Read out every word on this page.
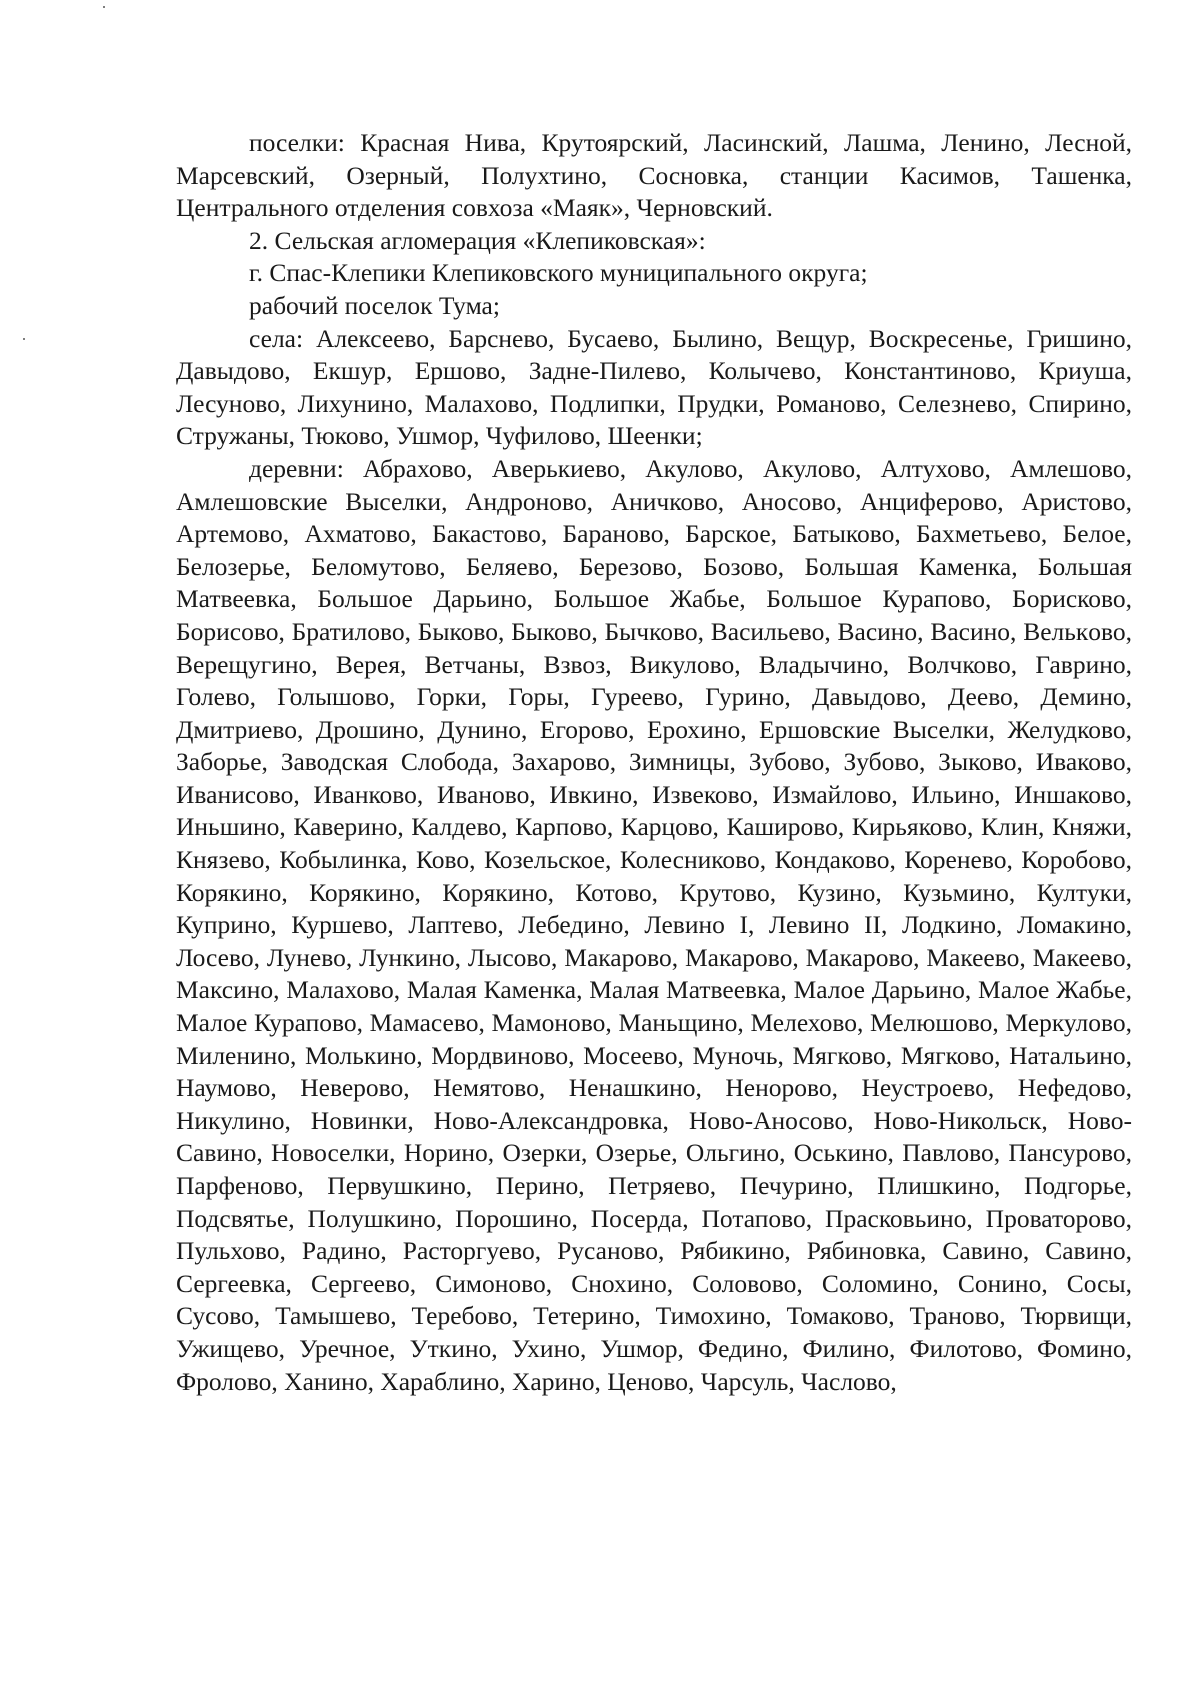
поселки: Красная Нива, Крутоярский, Ласинский, Лашма, Ленино, Лесной, Марсевский, Озерный, Полухтино, Сосновка, станции Касимов, Ташенка, Центрального отделения совхоза «Маяк», Черновский.

2. Сельская агломерация «Клепиковская»:

г. Спас-Клепики Клепиковского муниципального округа;

рабочий поселок Тума;

села: Алексеево, Барснево, Бусаево, Былино, Вещур, Воскресенье, Гришино, Давыдово, Екшур, Ершово, Задне-Пилево, Колычево, Константиново, Криуша, Лесуново, Лихунино, Малахово, Подлипки, Прудки, Романово, Селезнево, Спирино, Стружаны, Тюково, Ушмор, Чуфилово, Шеенки;

деревни: Абрахово, Аверькиево, Акулово, Акулово, Алтухово, Амлешово, Амлешовские Выселки, Андроново, Аничково, Аносово, Анциферово, Аристово, Артемово, Ахматово, Бакастово, Бараново, Барское, Батыково, Бахметьево, Белое, Белозерье, Беломутово, Беляево, Березово, Бозово, Большая Каменка, Большая Матвеевка, Большое Дарьино, Большое Жабье, Большое Курапово, Бориcково, Борисово, Братилово, Быково, Быково, Бычково, Васильево, Васино, Васино, Велькoво, Верещугино, Верея, Ветчаны, Взвоз, Викулово, Владычино, Волчково, Гаврино, Голево, Голышово, Горки, Горы, Гуреево, Гурино, Давыдово, Деево, Демино, Дмитриево, Дрошино, Дунино, Егорово, Ерохино, Ершовские Выселки, Желудково, Заборье, Заводская Слобода, Захарово, Зимницы, Зубово, Зубово, Зыково, Иваково, Иванисово, Иванково, Иваново, Ивкино, Извеково, Измайлово, Ильино, Иншаково, Иньшино, Каверино, Калдево, Карпово, Карцово, Каширово, Кирьяково, Клин, Княжи, Князево, Кобылинка, Ково, Козельское, Колесниково, Кондаково, Коренево, Коробово, Корякино, Корякино, Корякино, Котово, Крутово, Кузино, Кузьмино, Култуки, Куприно, Куршево, Лаптево, Лебедино, Левино I, Левино II, Лодкино, Ломакино, Лосево, Лунево, Лункино, Лысово, Макарово, Макарово, Макарово, Макеево, Макеево, Максино, Малахово, Малая Каменка, Малая Матвеевка, Малое Дарьино, Малое Жабье, Малое Курапово, Мамасево, Мамоново, Маньщино, Мелехово, Мелюшово, Меркулово, Миленино, Молькино, Мордвиново, Мосеево, Муночь, Мягково, Мягково, Натальино, Наумово, Неверово, Немятово, Ненашкино, Ненорово, Неустроево, Нефедово, Никулино, Новинки, Ново-Александровка, Ново-Аносово, Ново-Никольск, Ново-Савино, Новоселки, Норино, Озерки, Озерье, Ольгино, Оськино, Павлово, Пансурово, Парфеново, Первушкино, Перино, Петряево, Печурино, Плишкино, Подгорье, Подсвятье, Полушкино, Порошино, Посерда, Потапово, Прасковьино, Проваторово, Пульхово, Радино, Расторгуево, Русаново, Рябикино, Рябиновка, Савино, Савино, Сергеевка, Сергеево, Симоново, Снохино, Соловово, Соломино, Сонино, Сосы, Сусово, Тамышево, Теребово, Тетерино, Тимохино, Томаково, Траново, Тюрвищи, Ужищево, Уречное, Уткино, Ухино, Ушмор, Федино, Филино, Филотово, Фомино, Фролово, Ханино, Хараблино, Харино, Ценово, Чарсуль, Часлово,
